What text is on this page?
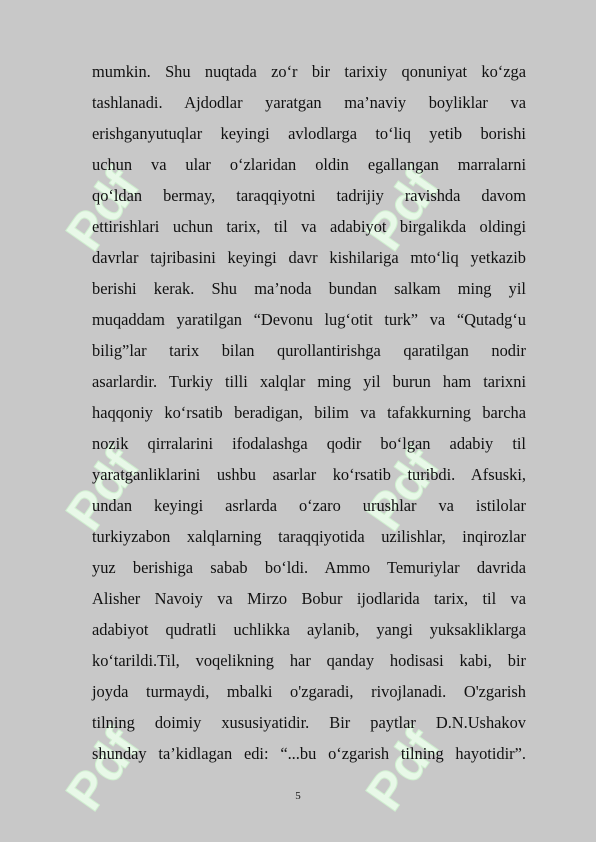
Pdf	Pdf
Pdf	Pdf
Pdf	Pdf
mumkin. Shu nuqtada zo‘r bir tarixiy qonuniyat ko‘zga
tashlanadi. Ajdodlar yaratgan ma’naviy boyliklar va
erishganyutuqlar keyingi avlodlarga to‘liq yetib borishi
uchun va ular o‘zlaridan oldin egallangan marralarni
qo‘ldan bermay, taraqqiyotni tadrijiy ravishda davom
ettirishlari uchun tarix, til va adabiyot birgalikda oldingi
davrlar tajribasini keyingi davr kishilariga mto‘liq yetkazib
berishi kerak. Shu ma’noda bundan salkam ming yil
muqaddam yaratilgan “Devonu lug‘otit turk” va “Qutadg‘u
bilig”lar tarix bilan qurollantirishga qaratilgan nodir
asarlardir. Turkiy tilli xalqlar ming yil burun ham tarixni
haqqoniy ko‘rsatib beradigan, bilim va tafakkurning barcha
nozik qirralarini ifodalashga qodir bo‘lgan adabiy til
yaratganliklarini ushbu asarlar ko‘rsatib turibdi. Afsuski,
undan keyingi asrlarda o‘zaro urushlar va istilolar
turkiyzabon xalqlarning taraqqiyotida uzilishlar, inqirozlar
yuz berishiga sabab bo‘ldi. Ammo Temuriylar davrida
Alisher Navoiy va Mirzo Bobur ijodlarida tarix, til va
adabiyot qudratli uchlikka aylanib, yangi yuksakliklarga
ko‘tarildi.Til, voqelikning har qanday hodisasi kabi, bir
joyda turmaydi, mbalki o'zgaradi, rivojlanadi. O'zgarish
tilning doimiy xususiyatidir. Bir paytlar D.N.Ushakov
shunday ta’kidlagan edi: “...bu o‘zgarish tilning hayotidir”.
5
